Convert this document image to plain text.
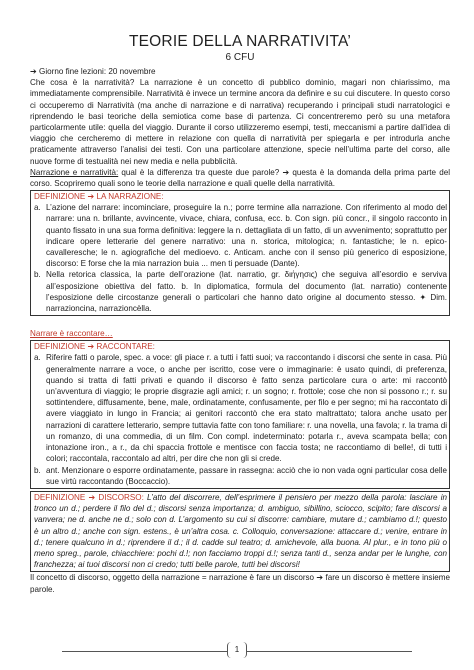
TEORIE DELLA NARRATIVITA’

6 CFU

➔ Giorno fine lezioni: 20 novembre

Che cosa è la narratività? La narrazione è un concetto di pubblico dominio, magari non chiarissimo, ma immediatamente comprensibile. Narratività è invece un termine ancora da definire e su cui discutere. In questo corso ci occuperemo di Narratività (ma anche di narrazione e di narrativa) recuperando i principali studi narratologici e riprendendo le basi teoriche della semiotica come base di partenza. Ci concentreremo però su una metafora particolarmente utile: quella del viaggio. Durante il corso utilizzeremo esempi, testi, meccanismi a partire dall’idea di viaggio che cercheremo di mettere in relazione con quella di narratività per spiegarla e per introdurla anche praticamente attraverso l’analisi dei testi. Con una particolare attenzione, specie nell’ultima parte del corso, alle nuove forme di testualità nei new media e nella pubblicità.

Narrazione e narratività: qual è la differenza tra queste due parole? ➔ questa è la domanda della prima parte del corso. Scopriremo quali sono le teorie della narrazione e quali quelle della narratività.

DEFINIZIONE ➔ LA NARRAZIONE:
a. L’azione del narrare: incominciare, proseguire la n.; porre termine alla narrazione. Con riferimento al modo del narrare: una n. brillante, avvincente, vivace, chiara, confusa, ecc. b. Con sign. più concr., il singolo racconto in quanto fissato in una sua forma definitiva: leggere la n. dettagliata di un fatto, di un avvenimento; soprattutto per indicare opere letterarie del genere narrativo: una n. storica, mitologica; n. fantastiche; le n. epico-cavalleresche; le n. agiografiche del medioevo. c. Anticam. anche con il senso più generico di esposizione, discorso: E forse che la mia narrazion buia ... men ti persuade (Dante).
b. Nella retorica classica, la parte dell’orazione (lat. narratio, gr. διήγησις) che seguiva all’esordio e serviva all’esposizione obiettiva del fatto. b. In diplomatica, formula del documento (lat. narratio) contenente l’esposizione delle circostanze generali o particolari che hanno dato origine al documento stesso. ✦ Dim. narrazioncina, narrazioncèlla.

Narrare è raccontare…

DEFINIZIONE ➔ RACCONTARE:
a. Riferire fatti o parole, spec. a voce: gli piace r. a tutti i fatti suoi; va raccontando i discorsi che sente in casa. Più generalmente narrare a voce, o anche per iscritto, cose vere o immaginarie: è usato quindi, di preferenza, quando si tratta di fatti privati e quando il discorso è fatto senza particolare cura o arte: mi raccontò un’avventura di viaggio; le proprie disgrazie agli amici; r. un sogno; r. frottole; cose che non si possono r.; r. su sottintendere, diffusamente, bene, male, ordinatamente, confusamente, per filo e per segno; mi ha raccontato di avere viaggiato in lungo in Francia; ai genitori raccontò che era stato maltrattato; talora anche usato per narrazioni di carattere letterario, sempre tuttavia fatte con tono familiare: r. una novella, una favola; r. la trama di un romanzo, di una commedia, di un film. Con compl. indeterminato: potarla r., aveva scampata bella; con intonazione iron., a r., da chi spaccia frottole e mentisce con faccia tosta; ne raccontiamo di belle!, di tutti i colori; raccontala, raccontalo ad altri, per dire che non gli si crede.
b. ant. Menzionare o esporre ordinatamente, passare in rassegna: acciò che io non vada ogni particular cosa delle sue virtù raccontando (Boccaccio).

DEFINIZIONE ➔ DISCORSO: L’atto del discorrere, dell’esprimere il pensiero per mezzo della parola: lasciare in tronco un d.; perdere il filo del d.; discorsi senza importanza; d. ambiguo, sibillino, sciocco, scipito; fare discorsi a vanvera; ne d. anche ne d.; solo con d. L’argomento su cui si discorre: cambiare, mutare d.; cambiamo d.!; questo è un altro d.; anche con sign. estens., è un’altra cosa. c. Colloquio, conversazione: attaccare d.; venire, entrare in d.; tenere qualcuno in d.; riprendere il d.; il d. cadde sul teatro; d. amichevole, alla buona. Al plur., e in tono più o meno spreg., parole, chiacchiere: pochi d.!; non facciamo troppi d.!; senza tanti d., senza andar per le lunghe, con franchezza; ai tuoi discorsi non ci credo; tutti belle parole, tutti bei discorsi!

Il concetto di discorso, oggetto della narrazione = narrazione è fare un discorso ➔ fare un discorso è mettere insieme parole.

1
